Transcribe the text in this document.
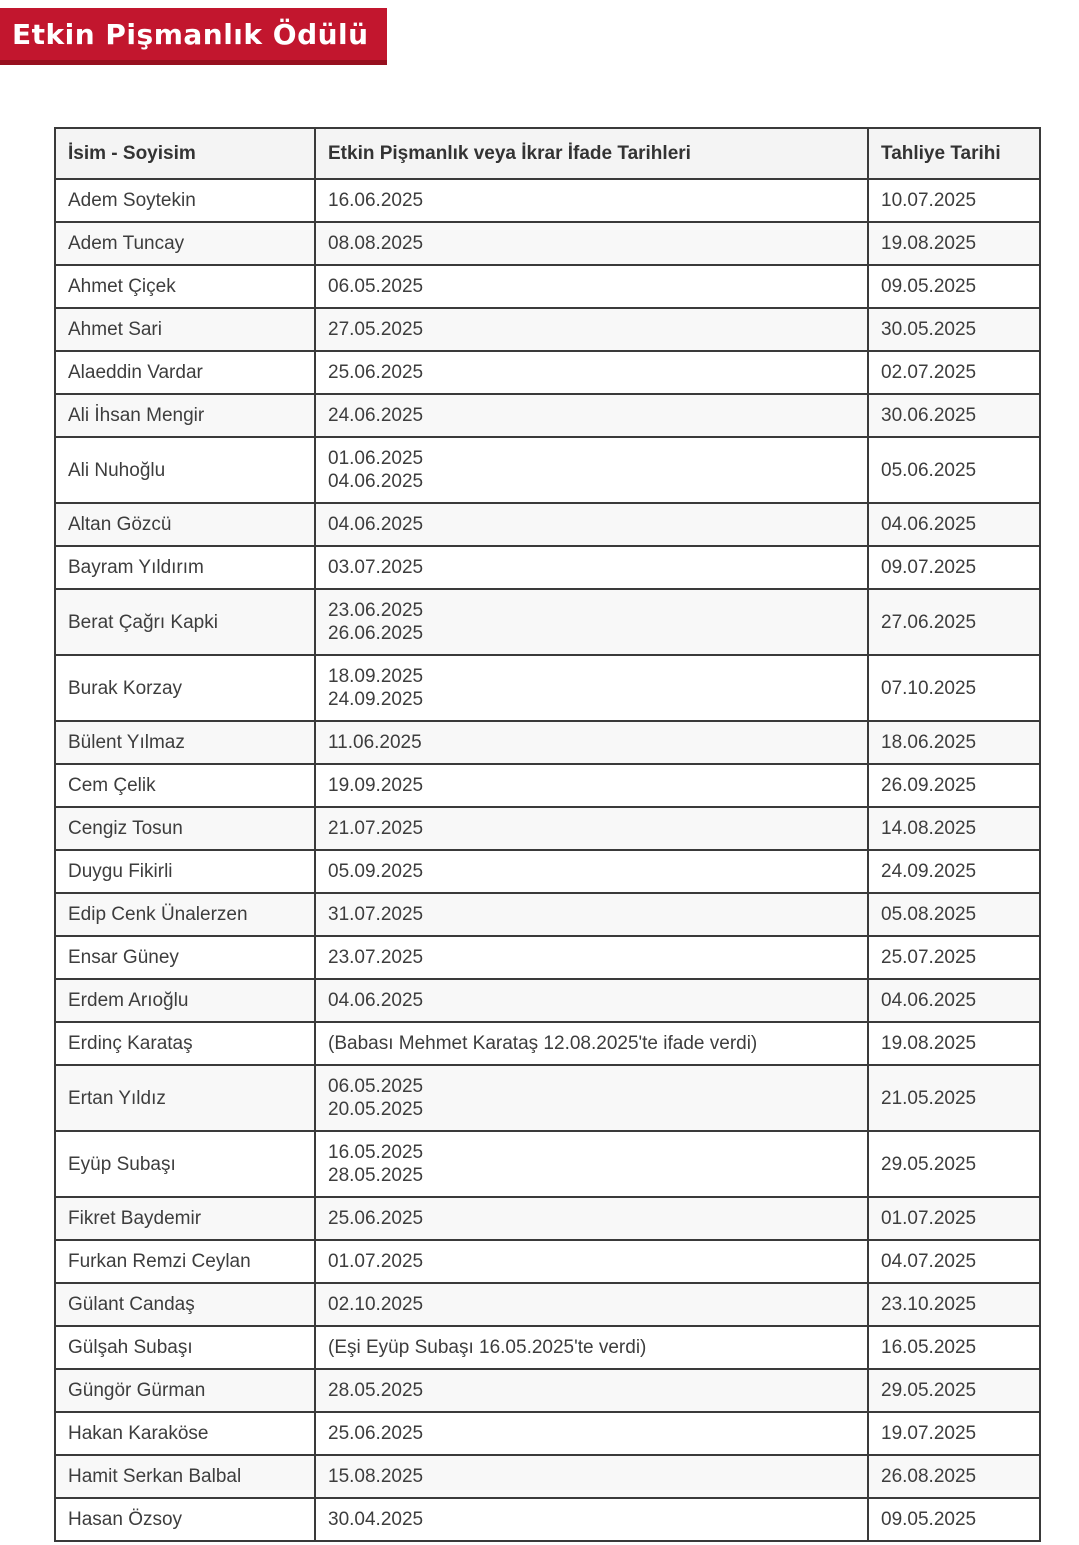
Etkin Pişmanlık Ödülü
İsim - Soyisim	Etkin Pişmanlık veya İkrar İfade Tarihleri	Tahliye Tarihi
Adem Soytekin	16.06.2025	10.07.2025
Adem Tuncay	08.08.2025	19.08.2025
Ahmet Çiçek	06.05.2025	09.05.2025
Ahmet Sari	27.05.2025	30.05.2025
Alaeddin Vardar	25.06.2025	02.07.2025
Ali İhsan Mengir	24.06.2025	30.06.2025
Ali Nuhoğlu	01.06.2025
04.06.2025	05.06.2025
Altan Gözcü	04.06.2025	04.06.2025
Bayram Yıldırım	03.07.2025	09.07.2025
Berat Çağrı Kapki	23.06.2025
26.06.2025	27.06.2025
Burak Korzay	18.09.2025
24.09.2025	07.10.2025
Bülent Yılmaz	11.06.2025	18.06.2025
Cem Çelik	19.09.2025	26.09.2025
Cengiz Tosun	21.07.2025	14.08.2025
Duygu Fikirli	05.09.2025	24.09.2025
Edip Cenk Ünalerzen	31.07.2025	05.08.2025
Ensar Güney	23.07.2025	25.07.2025
Erdem Arıoğlu	04.06.2025	04.06.2025
Erdinç Karataş	(Babası Mehmet Karataş 12.08.2025'te ifade verdi)	19.08.2025
Ertan Yıldız	06.05.2025
20.05.2025	21.05.2025
Eyüp Subaşı	16.05.2025
28.05.2025	29.05.2025
Fikret Baydemir	25.06.2025	01.07.2025
Furkan Remzi Ceylan	01.07.2025	04.07.2025
Gülant Candaş	02.10.2025	23.10.2025
Gülşah Subaşı	(Eşi Eyüp Subaşı 16.05.2025'te verdi)	16.05.2025
Güngör Gürman	28.05.2025	29.05.2025
Hakan Karaköse	25.06.2025	19.07.2025
Hamit Serkan Balbal	15.08.2025	26.08.2025
Hasan Özsoy	30.04.2025	09.05.2025
